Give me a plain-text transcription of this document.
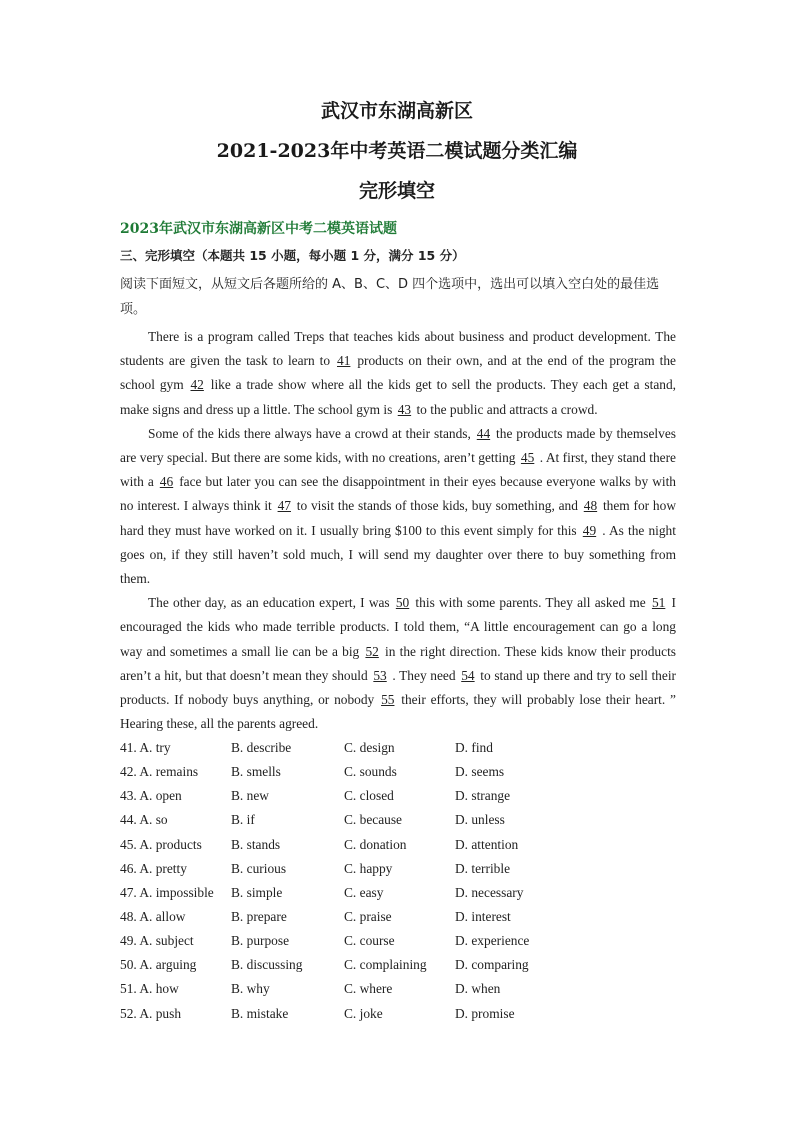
武汉市东湖高新区
2021-2023年中考英语二模试题分类汇编
完形填空
2023年武汉市东湖高新区中考二模英语试题
三、完形填空（本题共 15 小题，每小题 1 分，满分 15 分）
阅读下面短文，从短文后各题所给的 A、B、C、D 四个选项中，选出可以填入空白处的最佳选项。

There is a program called Treps that teaches kids about business and product development. The students are given the task to learn to 41 products on their own, and at the end of the program the school gym 42 like a trade show where all the kids get to sell the products. They each get a stand, make signs and dress up a little. The school gym is 43 to the public and attracts a crowd.

Some of the kids there always have a crowd at their stands, 44 the products made by themselves are very special. But there are some kids, with no creations, aren’t getting 45 . At first, they stand there with a 46 face but later you can see the disappointment in their eyes because everyone walks by with no interest. I always think it 47 to visit the stands of those kids, buy something, and 48 them for how hard they must have worked on it. I usually bring $100 to this event simply for this 49 . As the night goes on, if they still haven’t sold much, I will send my daughter over there to buy something from them.

The other day, as an education expert, I was 50 this with some parents. They all asked me 51 I encouraged the kids who made terrible products. I told them, “A little encouragement can go a long way and sometimes a small lie can be a big 52 in the right direction. These kids know their products aren’t a hit, but that doesn’t mean they should 53 . They need 54 to stand up there and try to sell their products. If nobody buys anything, or nobody 55 their efforts, they will probably lose their heart. ” Hearing these, all the parents agreed.

41. A. try	B. describe	C. design	D. find
42. A. remains	B. smells	C. sounds	D. seems
43. A. open	B. new	C. closed	D. strange
44. A. so	B. if	C. because	D. unless
45. A. products	B. stands	C. donation	D. attention
46. A. pretty	B. curious	C. happy	D. terrible
47. A. impossible	B. simple	C. easy	D. necessary
48. A. allow	B. prepare	C. praise	D. interest
49. A. subject	B. purpose	C. course	D. experience
50. A. arguing	B. discussing	C. complaining	D. comparing
51. A. how	B. why	C. where	D. when
52. A. push	B. mistake	C. joke	D. promise
